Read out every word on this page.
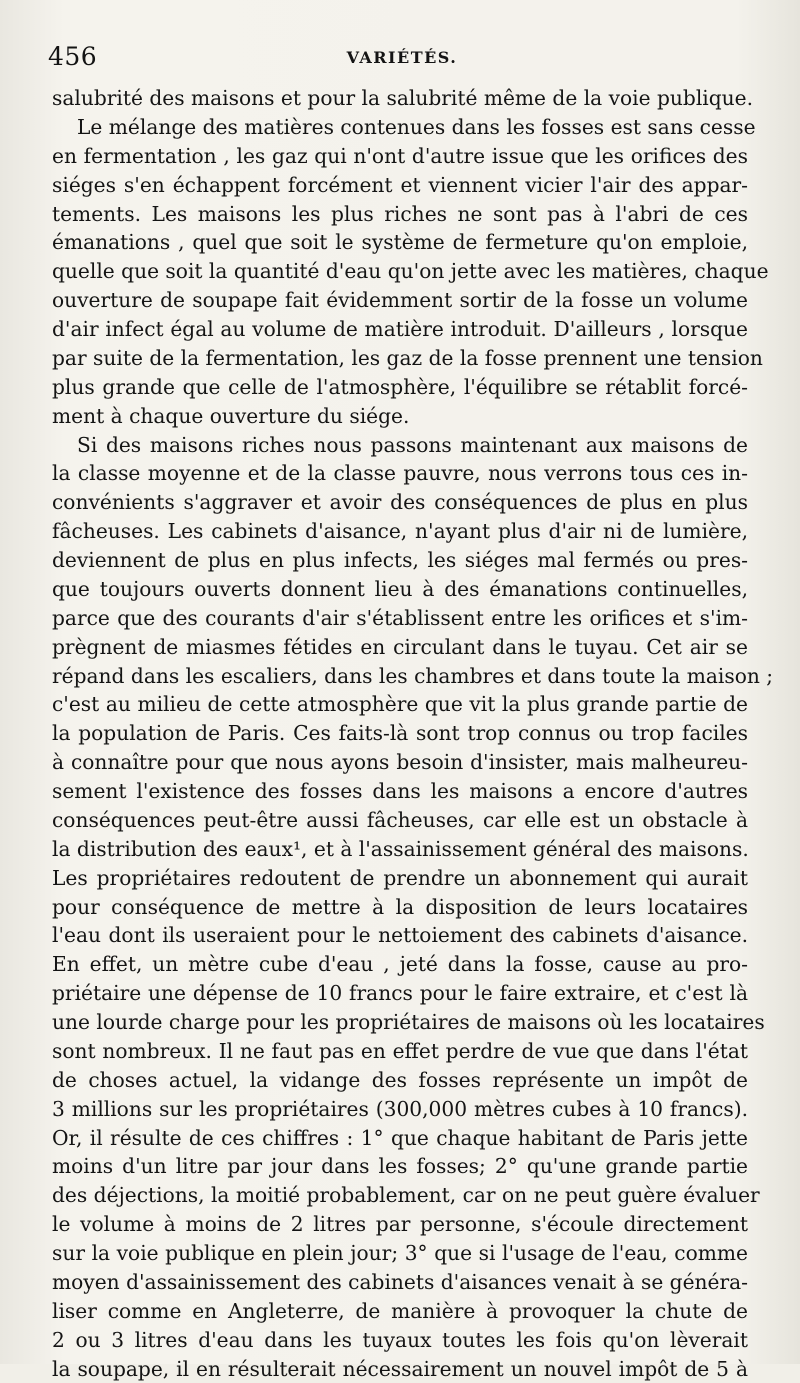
456	VARIÉTÉS.
salubrité des maisons et pour la salubrité même de la voie publique.
Le mélange des matières contenues dans les fosses est sans cesse
en fermentation , les gaz qui n'ont d'autre issue que les orifices des
siéges s'en échappent forcément et viennent vicier l'air des appar-
tements. Les maisons les plus riches ne sont pas à l'abri de ces
émanations , quel que soit le système de fermeture qu'on emploie,
quelle que soit la quantité d'eau qu'on jette avec les matières, chaque
ouverture de soupape fait évidemment sortir de la fosse un volume
d'air infect égal au volume de matière introduit. D'ailleurs , lorsque
par suite de la fermentation, les gaz de la fosse prennent une tension
plus grande que celle de l'atmosphère, l'équilibre se rétablit forcé-
ment à chaque ouverture du siége.
Si des maisons riches nous passons maintenant aux maisons de
la classe moyenne et de la classe pauvre, nous verrons tous ces in-
convénients s'aggraver et avoir des conséquences de plus en plus
fâcheuses. Les cabinets d'aisance, n'ayant plus d'air ni de lumière,
deviennent de plus en plus infects, les siéges mal fermés ou pres-
que toujours ouverts donnent lieu à des émanations continuelles,
parce que des courants d'air s'établissent entre les orifices et s'im-
prègnent de miasmes fétides en circulant dans le tuyau. Cet air se
répand dans les escaliers, dans les chambres et dans toute la maison ;
c'est au milieu de cette atmosphère que vit la plus grande partie de
la population de Paris. Ces faits-là sont trop connus ou trop faciles
à connaître pour que nous ayons besoin d'insister, mais malheureu-
sement l'existence des fosses dans les maisons a encore d'autres
conséquences peut-être aussi fâcheuses, car elle est un obstacle à
la distribution des eaux¹, et à l'assainissement général des maisons.
Les propriétaires redoutent de prendre un abonnement qui aurait
pour conséquence de mettre à la disposition de leurs locataires
l'eau dont ils useraient pour le nettoiement des cabinets d'aisance.
En effet, un mètre cube d'eau , jeté dans la fosse, cause au pro-
priétaire une dépense de 10 francs pour le faire extraire, et c'est là
une lourde charge pour les propriétaires de maisons où les locataires
sont nombreux. Il ne faut pas en effet perdre de vue que dans l'état
de choses actuel, la vidange des fosses représente un impôt de
3 millions sur les propriétaires (300,000 mètres cubes à 10 francs).
Or, il résulte de ces chiffres : 1° que chaque habitant de Paris jette
moins d'un litre par jour dans les fosses; 2° qu'une grande partie
des déjections, la moitié probablement, car on ne peut guère évaluer
le volume à moins de 2 litres par personne, s'écoule directement
sur la voie publique en plein jour; 3° que si l'usage de l'eau, comme
moyen d'assainissement des cabinets d'aisances venait à se généra-
liser comme en Angleterre, de manière à provoquer la chute de
2 ou 3 litres d'eau dans les tuyaux toutes les fois qu'on lèverait
la soupape, il en résulterait nécessairement un nouvel impôt de 5 à
